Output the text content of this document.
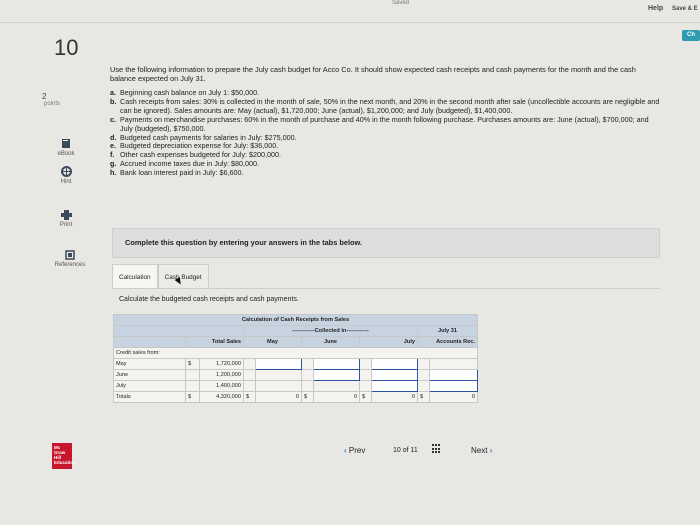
Saved
Help Save & E
Ch
10
2
points
eBook
Hint
Print
References
Use the following information to prepare the July cash budget for Acco Co. It should show expected cash receipts and cash payments for the month and the cash balance expected on July 31.
a. Beginning cash balance on July 1: $50,000.
b. Cash receipts from sales: 30% is collected in the month of sale, 50% in the next month, and 20% in the second month after sale (uncollectible accounts are negligible and can be ignored). Sales amounts are: May (actual), $1,720,000; June (actual), $1,200,000; and July (budgeted), $1,400,000.
c. Payments on merchandise purchases: 60% in the month of purchase and 40% in the month following purchase. Purchases amounts are: June (actual), $700,000; and July (budgeted), $750,000.
d. Budgeted cash payments for salaries in July: $275,000.
e. Budgeted depreciation expense for July: $36,000.
f. Other cash expenses budgeted for July: $200,000.
g. Accrued income taxes due in July: $80,000.
h. Bank loan interest paid in July: $6,600.
Complete this question by entering your answers in the tabs below.
Calculation	Cash Budget
Calculate the budgeted cash receipts and cash payments.
Calculation of Cash Receipts from Sales										
			------------Collected in------------						July 31	
	Total Sales		May		June		July		Accounts Rec.	
Credit sales from:										
May	$	1,720,000								
June		1,200,000								
July		1,400,000								
Totals	$	4,320,000	$	0	$	0	$	0	$	0
‹ Prev	10 of 11	Next ›
Mc Graw Hill Education
